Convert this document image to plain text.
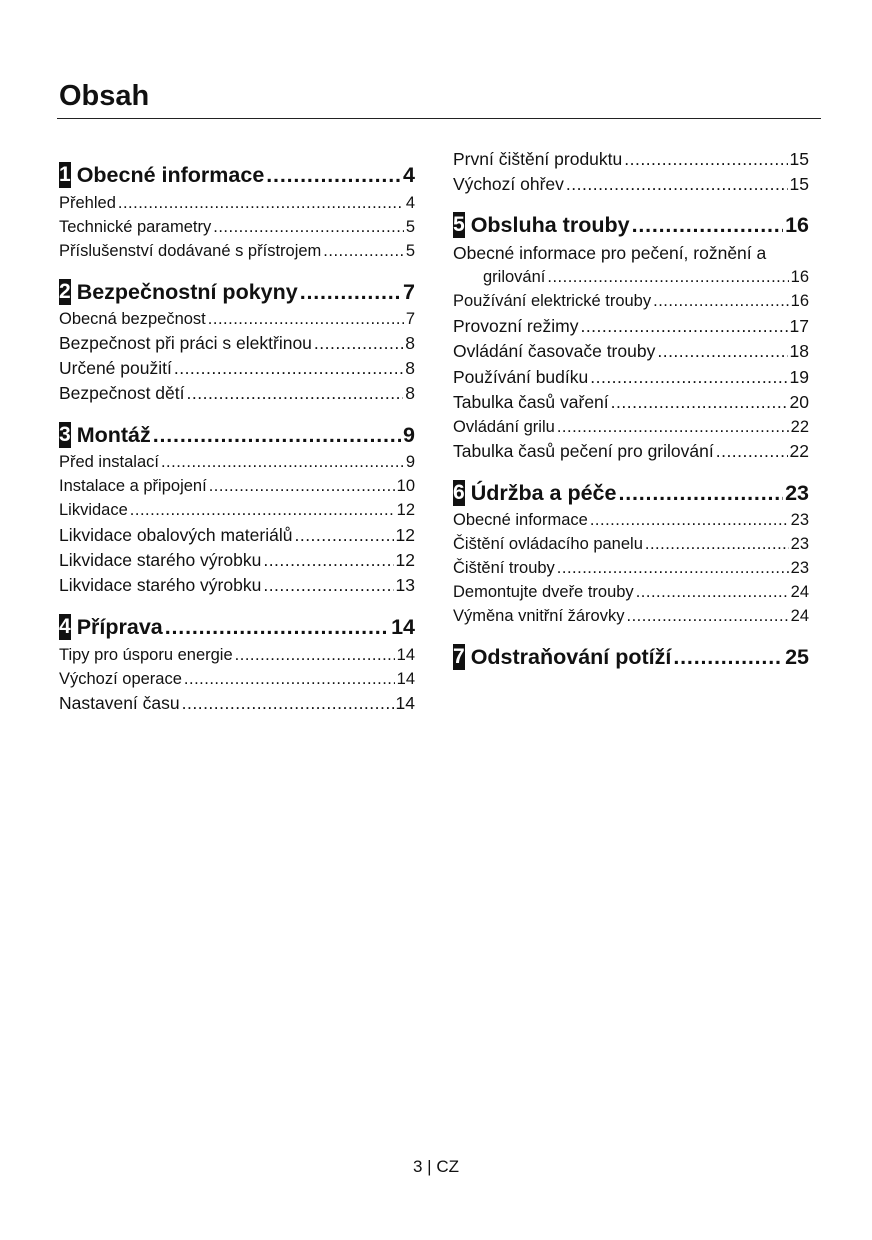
Obsah
1 Obecné informace .....	4
Přehled .....	4
Technické parametry .....	5
Příslušenství dodávané s přístrojem .....	5
2 Bezpečnostní pokyny .....	7
Obecná bezpečnost .....	7
Bezpečnost při práci s elektřinou .....	8
Určené použití .....	8
Bezpečnost dětí .....	8
3 Montáž .....	9
Před instalací .....	9
Instalace a připojení .....	10
Likvidace .....	12
Likvidace obalových materiálů .....	12
Likvidace starého výrobku .....	12
Likvidace starého výrobku .....	13
4 Příprava .....	14
Tipy pro úsporu energie .....	14
Výchozí operace .....	14
Nastavení času .....	14
První čištění produktu .....	15
Výchozí ohřev .....	15
5 Obsluha trouby .....	16
Obecné informace pro pečení, rožnění a
grilování .....	16
Používání elektrické trouby .....	16
Provozní režimy .....	17
Ovládání časovače trouby .....	18
Používání budíku .....	19
Tabulka časů vaření .....	20
Ovládání grilu .....	22
Tabulka časů pečení pro grilování .....	22
6 Údržba a péče .....	23
Obecné informace .....	23
Čištění ovládacího panelu .....	23
Čištění trouby .....	23
Demontujte dveře trouby .....	24
Výměna vnitřní žárovky .....	24
7 Odstraňování potíží .....	25
3 | CZ
